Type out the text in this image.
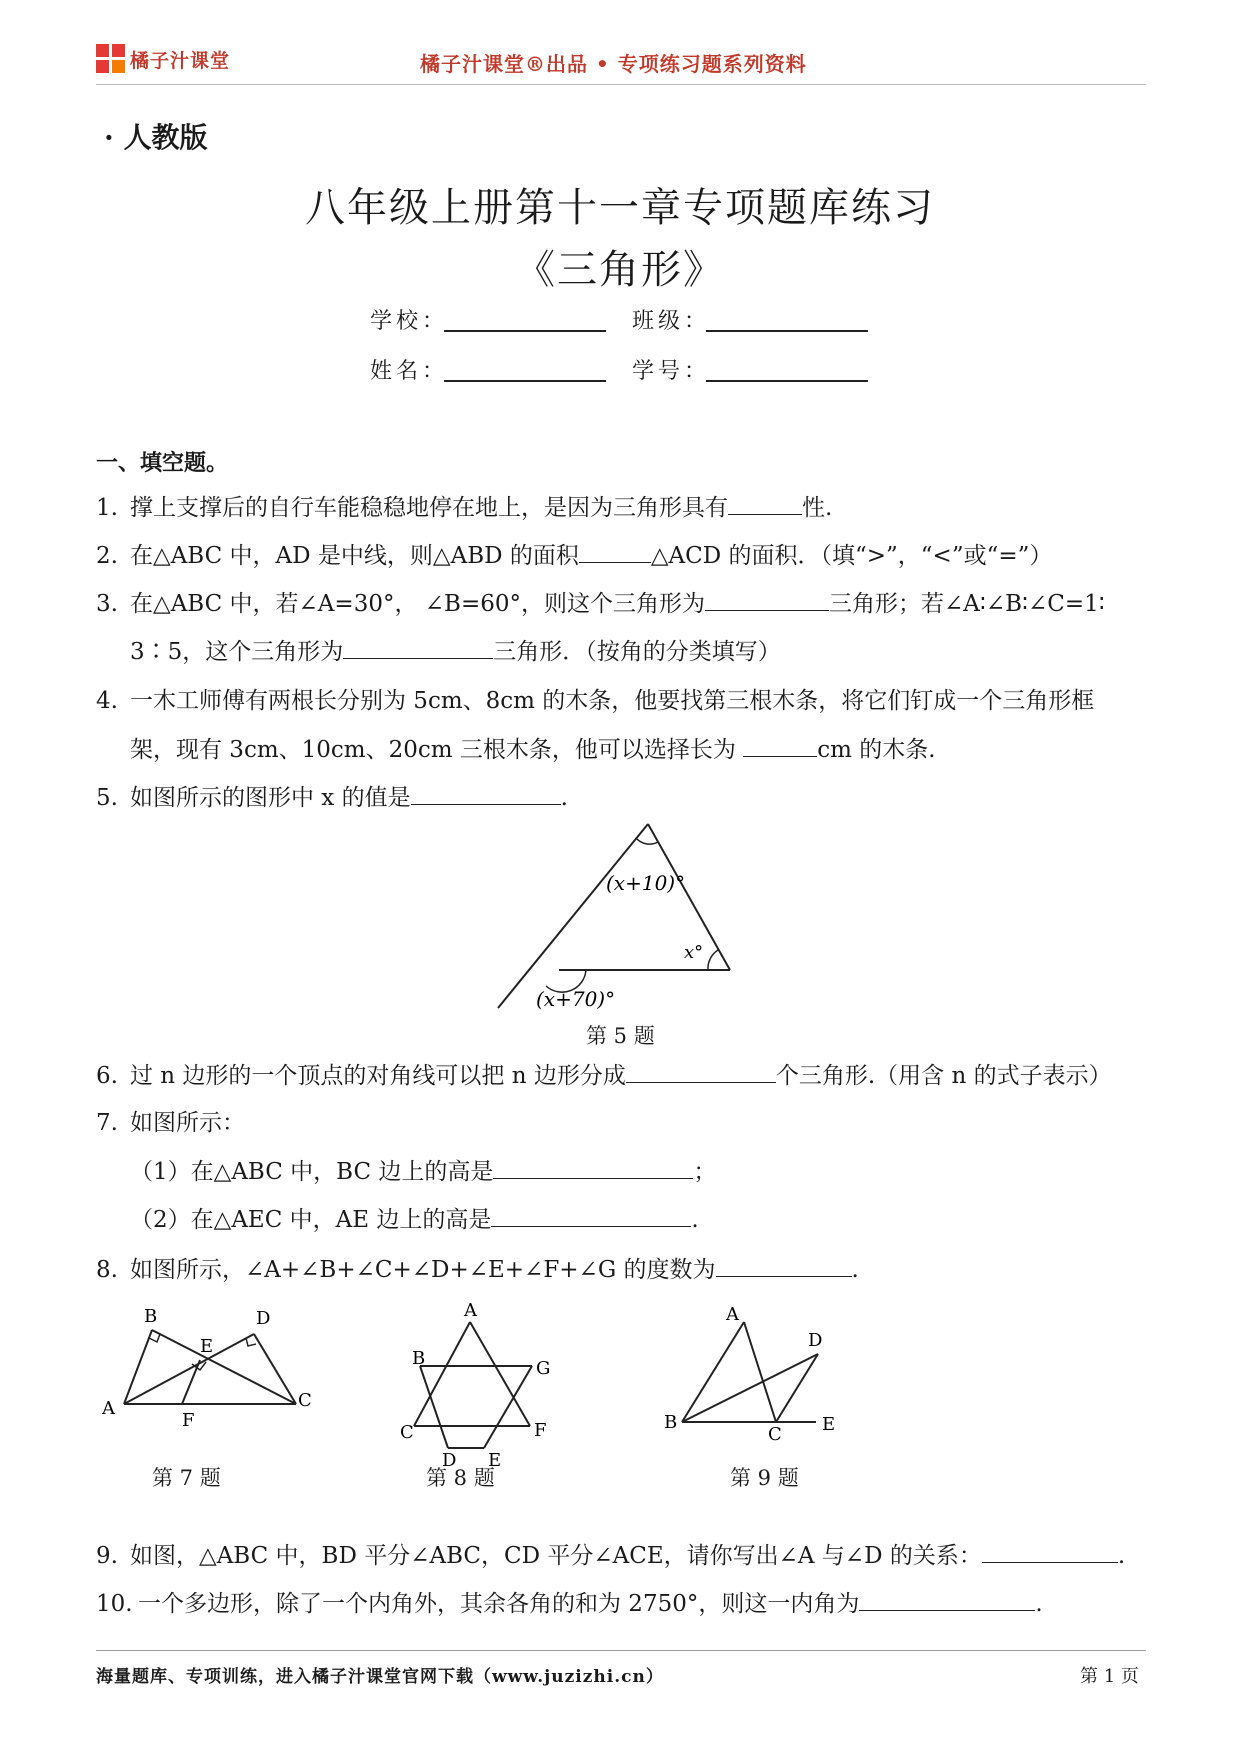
橘子汁课堂	橘子汁课堂®出品 • 专项练习题系列资料
· 人教版
八年级上册第十一章专项题库练习
《三角形》
学校：	班级：
姓名：	学号：
一、填空题。
1. 撑上支撑后的自行车能稳稳地停在地上，是因为三角形具有	性.
2. 在△ABC 中，AD 是中线，则△ABD 的面积	△ACD 的面积．（填“>”，“<”或“=”）
3. 在△ABC 中，若∠A=30°， ∠B=60°，则这个三角形为	三角形；若∠A∶∠B∶∠C=1∶
3∶5，这个三角形为	三角形．（按角的分类填写）
4. 一木工师傅有两根长分别为 5cm、8cm 的木条，他要找第三根木条，将它们钉成一个三角形框
架，现有 3cm、10cm、20cm 三根木条，他可以选择长为	cm 的木条.
5. 如图所示的图形中 x 的值是	.
(x+10)°
x°
(x+70)°
第 5 题
6. 过 n 边形的一个顶点的对角线可以把 n 边形分成	个三角形.（用含 n 的式子表示）
7. 如图所示：
（1）在△ABC 中，BC 边上的高是	；
（2）在△AEC 中，AE 边上的高是	.
8. 如图所示，∠A+∠B+∠C+∠D+∠E+∠F+∠G 的度数为	.
A
B
C
D
E
F
第 7 题
A
B
C
D E
F
G
第 8 题
A
B
C
D
E
第 9 题
9. 如图，△ABC 中，BD 平分∠ABC，CD 平分∠ACE，请你写出∠A 与∠D 的关系：	.
10. 一个多边形，除了一个内角外，其余各角的和为 2750°，则这一内角为	.
海量题库、专项训练，进入橘子汁课堂官网下载（www.juzizhi.cn）	第 1 页
